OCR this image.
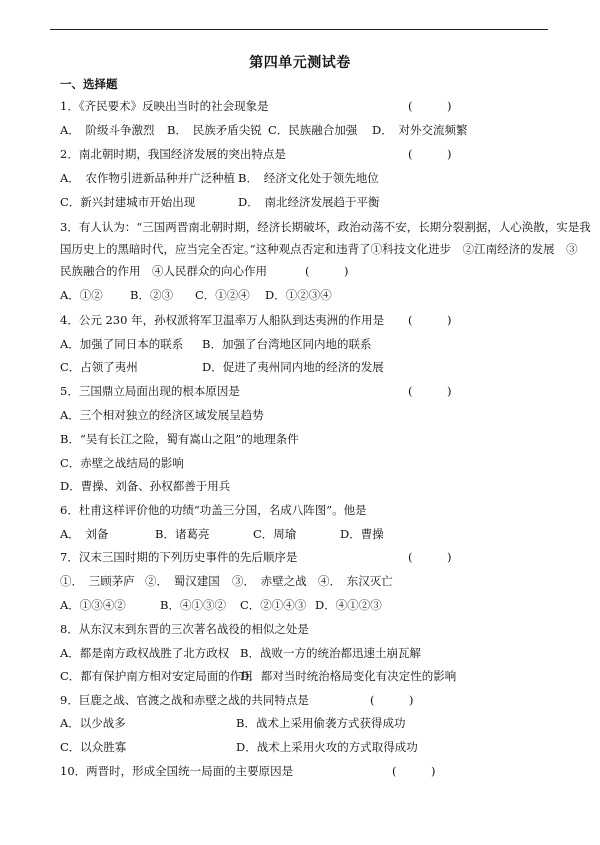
第四单元测试卷
一、选择题
1．《齐民要术》反映出当时的社会现象是	(　　　)
A．　阶级斗争激烈 B．　民族矛盾尖锐 C．民族融合加强 D．　对外交流频繁
2．南北朝时期，我国经济发展的突出特点是	(　　　)
A．　农作物引进新品种并广泛种植 B．　经济文化处于领先地位
C．新兴封建城市开始出现	D．　南北经济发展趋于平衡
3．有人认为：“三国两晋南北朝时期，经济长期破坏，政治动荡不安，长期分裂割据，人心涣散，实是我
国历史上的黑暗时代，应当完全否定。”这种观点否定和违背了①科技文化进步　②江南经济的发展　③
民族融合的作用　④人民群众的向心作用	(　　　)
A．①② B．②③ C．①②④ D．①②③④
4．公元 230 年，孙权派将军卫温率万人船队到达夷洲的作用是 (　　　)
A．加强了同日本的联系 B．加强了台湾地区同内地的联系
C．占领了夷州	D．促进了夷州同内地的经济的发展
5．三国鼎立局面出现的根本原因是	(　　　)
A．三个相对独立的经济区域发展呈趋势
B．“吴有长江之险，蜀有嵩山之阻”的地理条件
C．赤壁之战结局的影响
D．曹操、刘备、孙权都善于用兵
6．杜甫这样评价他的功绩“功盖三分国，名成八阵图”。他是
A．　刘备	B．诸葛亮	C．周瑜	D．曹操
7．汉末三国时期的下列历史事件的先后顺序是	(　　　)
①．　三顾茅庐 ②．　蜀汉建国 ③．　赤壁之战 ④．　东汉灭亡
A．①③④②	B．④①③② C．②①④③ D．④①②③
8．从东汉末到东晋的三次著名战役的相似之处是
A．都是南方政权战胜了北方政权 B．战败一方的统治都迅速土崩瓦解
C．都有保护南方相对安定局面的作用
D．都对当时统治格局变化有决定性的影响
9．巨鹿之战、官渡之战和赤壁之战的共同特点是	(　　　)
A．以少战多	B．战术上采用偷袭方式获得成功
C．以众胜寡	D．战术上采用火攻的方式取得成功
10．两晋时，形成全国统一局面的主要原因是	(　　　)
